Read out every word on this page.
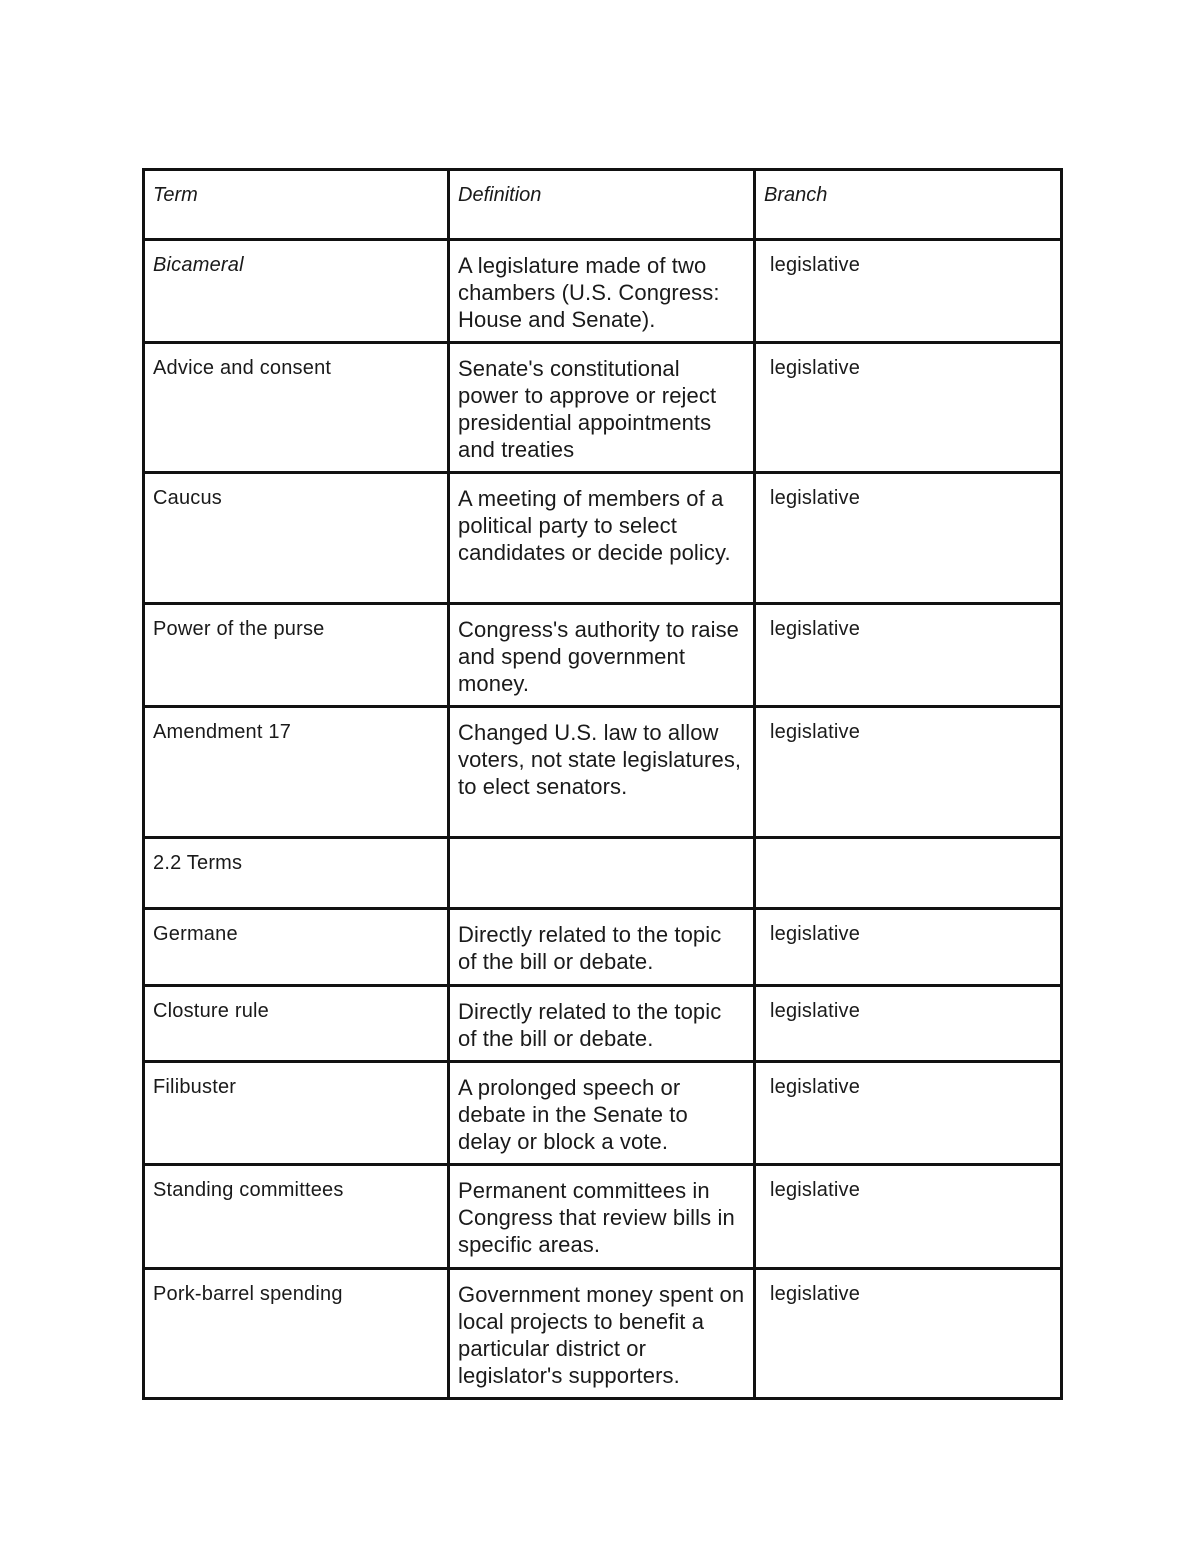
Term	Definition	Branch
Bicameral	A legislature made of two chambers (U.S. Congress: House and Senate).	legislative
Advice and consent	Senate's constitutional power to approve or reject presidential appointments and treaties	legislative
Caucus	A meeting of members of a political party to select candidates or decide policy.	legislative
Power of the purse	Congress's authority to raise and spend government money.	legislative
Amendment 17	Changed U.S. law to allow voters, not state legislatures, to elect senators.	legislative
2.2 Terms		
Germane	Directly related to the topic of the bill or debate.	legislative
Closture rule	Directly related to the topic of the bill or debate.	legislative
Filibuster	A prolonged speech or debate in the Senate to delay or block a vote.	legislative
Standing committees	Permanent committees in Congress that review bills in specific areas.	legislative
Pork-barrel spending	Government money spent on local projects to benefit a particular district or legislator's supporters.	legislative
